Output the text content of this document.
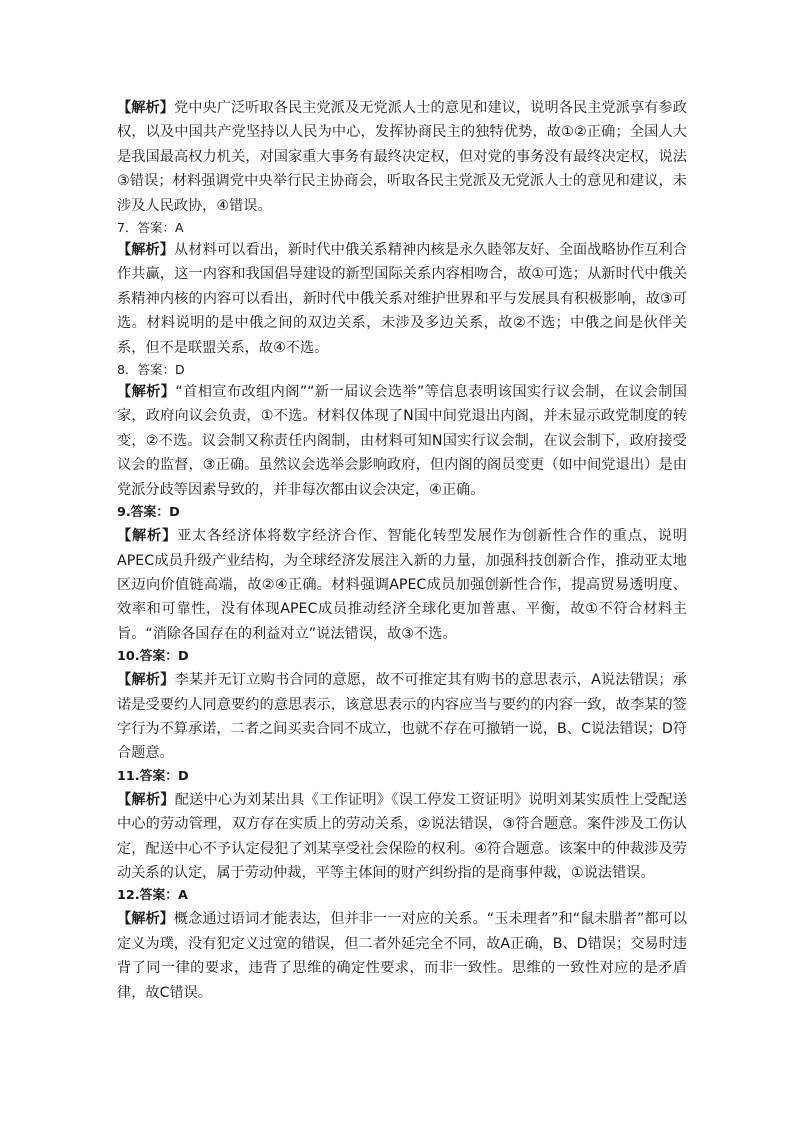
【解析】党中央广泛听取各民主党派及无党派人士的意见和建议，说明各民主党派享有参政权，以及中国共产党坚持以人民为中心，发挥协商民主的独特优势，故①②正确；全国人大是我国最高权力机关，对国家重大事务有最终决定权，但对党的事务没有最终决定权，说法③错误；材料强调党中央举行民主协商会，听取各民主党派及无党派人士的意见和建议，未涉及人民政协，④错误。

7．答案：A

【解析】从材料可以看出，新时代中俄关系精神内核是永久睦邻友好、全面战略协作互利合作共赢，这一内容和我国倡导建设的新型国际关系内容相吻合，故①可选；从新时代中俄关系精神内核的内容可以看出，新时代中俄关系对维护世界和平与发展具有积极影响，故③可选。材料说明的是中俄之间的双边关系，未涉及多边关系，故②不选；中俄之间是伙伴关系，但不是联盟关系，故④不选。

8．答案：D

【解析】“首相宣布改组内阁”“新一届议会选举”等信息表明该国实行议会制，在议会制国家，政府向议会负责，①不选。材料仅体现了N国中间党退出内阁，并未显示政党制度的转变，②不选。议会制又称责任内阁制，由材料可知N国实行议会制，在议会制下，政府接受议会的监督，③正确。虽然议会选举会影响政府，但内阁的阁员变更（如中间党退出）是由党派分歧等因素导致的，并非每次都由议会决定，④正确。

9.答案：D

【解析】亚太各经济体将数字经济合作、智能化转型发展作为创新性合作的重点，说明APEC成员升级产业结构，为全球经济发展注入新的力量，加强科技创新合作，推动亚太地区迈向价值链高端，故②④正确。材料强调APEC成员加强创新性合作，提高贸易透明度、效率和可靠性，没有体现APEC成员推动经济全球化更加普惠、平衡，故①不符合材料主旨。“消除各国存在的利益对立”说法错误，故③不选。

10.答案：D

【解析】李某并无订立购书合同的意愿，故不可推定其有购书的意思表示，A说法错误；承诺是受要约人同意要约的意思表示，该意思表示的内容应当与要约的内容一致，故李某的签字行为不算承诺，二者之间买卖合同不成立，也就不存在可撤销一说，B、C说法错误；D符合题意。

11.答案：D

【解析】配送中心为刘某出具《工作证明》《误工停发工资证明》说明刘某实质性上受配送中心的劳动管理，双方存在实质上的劳动关系，②说法错误，③符合题意。案件涉及工伤认定，配送中心不予认定侵犯了刘某享受社会保险的权利。④符合题意。该案中的仲裁涉及劳动关系的认定，属于劳动仲裁，平等主体间的财产纠纷指的是商事仲裁，①说法错误。

12.答案：A

【解析】概念通过语词才能表达，但并非一一对应的关系。“玉未理者”和“鼠未腊者”都可以定义为璞，没有犯定义过宽的错误，但二者外延完全不同，故A正确，B、D错误；交易时违背了同一律的要求，违背了思维的确定性要求，而非一致性。思维的一致性对应的是矛盾律，故C错误。
